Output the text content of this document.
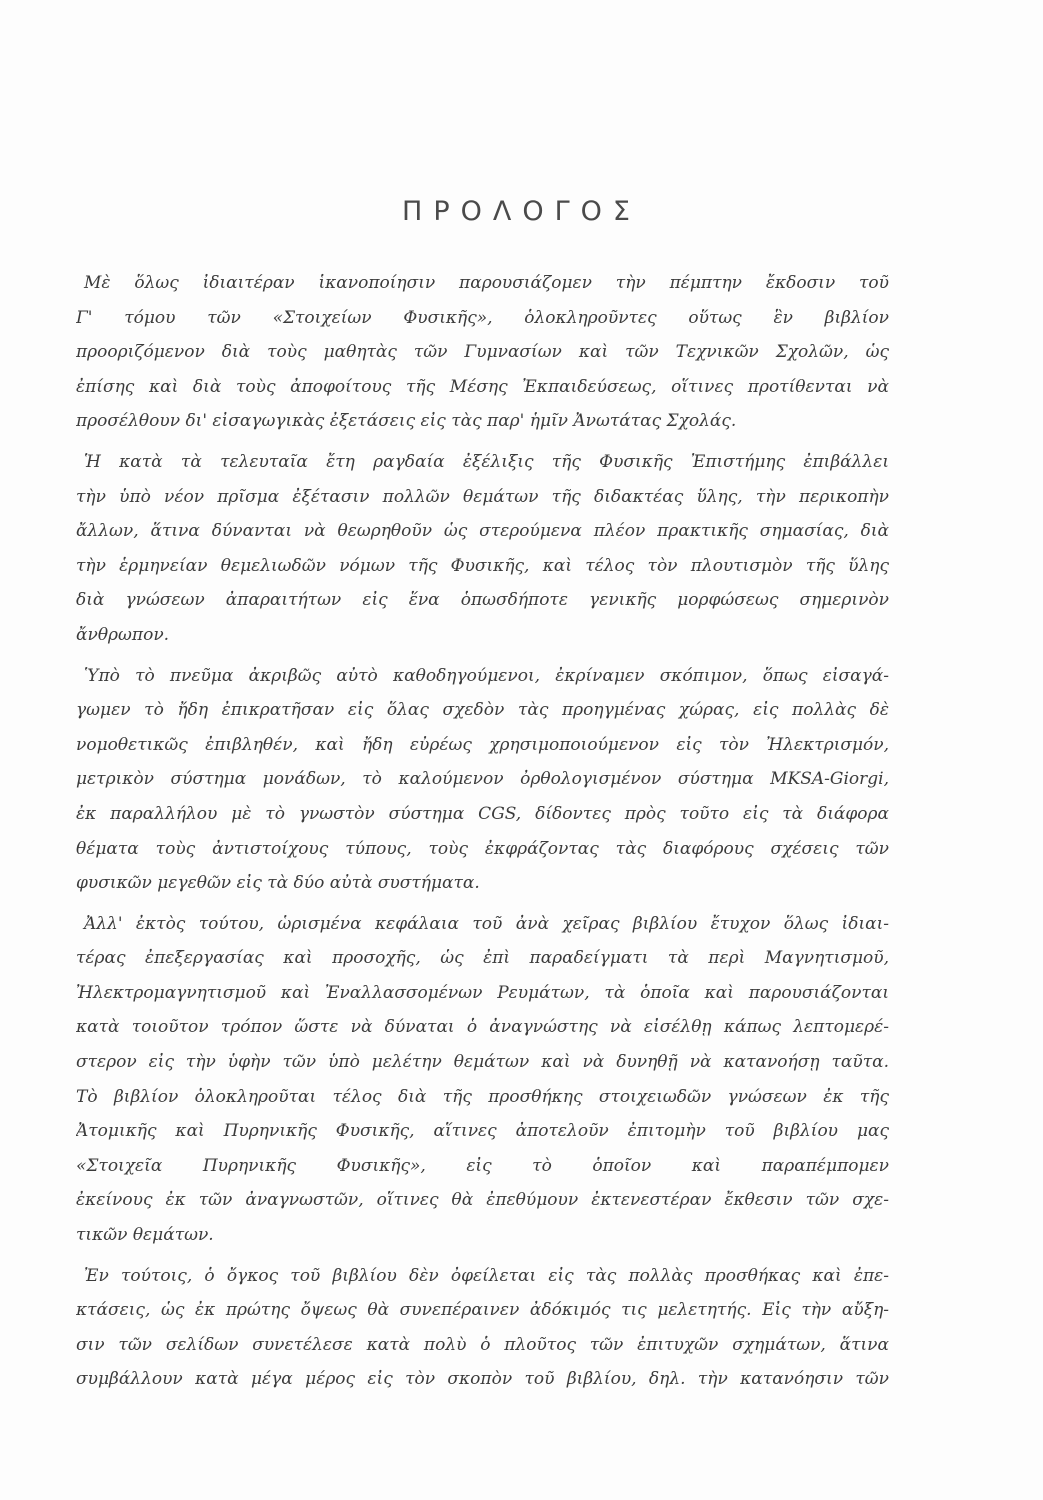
ΠΡΟΛΟΓΟΣ
Μὲ ὅλως ἰδιαιτέραν ἱκανοποίησιν παρουσιάζομεν τὴν πέμπτην ἔκδοσιν τοῦ
Γ' τόμου τῶν «Στοιχείων Φυσικῆς», ὁλοκληροῦντες οὕτως ἓν βιβλίον
προοριζόμενον διὰ τοὺς μαθητὰς τῶν Γυμνασίων καὶ τῶν Τεχνικῶν Σχολῶν, ὡς
ἐπίσης καὶ διὰ τοὺς ἀποφοίτους τῆς Μέσης Ἐκπαιδεύσεως, οἵτινες προτίθενται νὰ
προσέλθουν δι' εἰσαγωγικὰς ἐξετάσεις εἰς τὰς παρ' ἡμῖν Ἀνωτάτας Σχολάς.
Ἡ κατὰ τὰ τελευταῖα ἔτη ραγδαία ἐξέλιξις τῆς Φυσικῆς Ἐπιστήμης ἐπιβάλλει
τὴν ὑπὸ νέον πρῖσμα ἐξέτασιν πολλῶν θεμάτων τῆς διδακτέας ὕλης, τὴν περικοπὴν
ἄλλων, ἅτινα δύνανται νὰ θεωρηθοῦν ὡς στερούμενα πλέον πρακτικῆς σημασίας, διὰ
τὴν ἑρμηνείαν θεμελιωδῶν νόμων τῆς Φυσικῆς, καὶ τέλος τὸν πλουτισμὸν τῆς ὕλης
διὰ γνώσεων ἀπαραιτήτων εἰς ἕνα ὁπωσδήποτε γενικῆς μορφώσεως σημερινὸν
ἄνθρωπον.
Ὑπὸ τὸ πνεῦμα ἀκριβῶς αὐτὸ καθοδηγούμενοι, ἐκρίναμεν σκόπιμον, ὅπως εἰσαγά-
γωμεν τὸ ἤδη ἐπικρατῆσαν εἰς ὅλας σχεδὸν τὰς προηγμένας χώρας, εἰς πολλὰς δὲ
νομοθετικῶς ἐπιβληθέν, καὶ ἤδη εὐρέως χρησιμοποιούμενον εἰς τὸν Ἠλεκτρισμόν,
μετρικὸν σύστημα μονάδων, τὸ καλούμενον ὀρθολογισμένον σύστημα MKSA-Giorgi,
ἐκ παραλλήλου μὲ τὸ γνωστὸν σύστημα CGS, δίδοντες πρὸς τοῦτο εἰς τὰ διάφορα
θέματα τοὺς ἀντιστοίχους τύπους, τοὺς ἐκφράζοντας τὰς διαφόρους σχέσεις τῶν
φυσικῶν μεγεθῶν εἰς τὰ δύο αὐτὰ συστήματα.
Ἀλλ' ἐκτὸς τούτου, ὡρισμένα κεφάλαια τοῦ ἀνὰ χεῖρας βιβλίου ἔτυχον ὅλως ἰδιαι-
τέρας ἐπεξεργασίας καὶ προσοχῆς, ὡς ἐπὶ παραδείγματι τὰ περὶ Μαγνητισμοῦ,
Ἠλεκτρομαγνητισμοῦ καὶ Ἐναλλασσομένων Ρευμάτων, τὰ ὁποῖα καὶ παρουσιάζονται
κατὰ τοιοῦτον τρόπον ὥστε νὰ δύναται ὁ ἀναγνώστης νὰ εἰσέλθῃ κάπως λεπτομερέ-
στερον εἰς τὴν ὑφὴν τῶν ὑπὸ μελέτην θεμάτων καὶ νὰ δυνηθῇ νὰ κατανοήσῃ ταῦτα.
Τὸ βιβλίον ὁλοκληροῦται τέλος διὰ τῆς προσθήκης στοιχειωδῶν γνώσεων ἐκ τῆς
Ἀτομικῆς καὶ Πυρηνικῆς Φυσικῆς, αἵτινες ἀποτελοῦν ἐπιτομὴν τοῦ βιβλίου μας
«Στοιχεῖα Πυρηνικῆς Φυσικῆς», εἰς τὸ ὁποῖον καὶ παραπέμπομεν
ἐκείνους ἐκ τῶν ἀναγνωστῶν, οἵτινες θὰ ἐπεθύμουν ἐκτενεστέραν ἔκθεσιν τῶν σχε-
τικῶν θεμάτων.
Ἐν τούτοις, ὁ ὄγκος τοῦ βιβλίου δὲν ὀφείλεται εἰς τὰς πολλὰς προσθήκας καὶ ἐπε-
κτάσεις, ὡς ἐκ πρώτης ὄψεως θὰ συνεπέραινεν ἀδόκιμός τις μελετητής. Εἰς τὴν αὔξη-
σιν τῶν σελίδων συνετέλεσε κατὰ πολὺ ὁ πλοῦτος τῶν ἐπιτυχῶν σχημάτων, ἅτινα
συμβάλλουν κατὰ μέγα μέρος εἰς τὸν σκοπὸν τοῦ βιβλίου, δηλ. τὴν κατανόησιν τῶν
